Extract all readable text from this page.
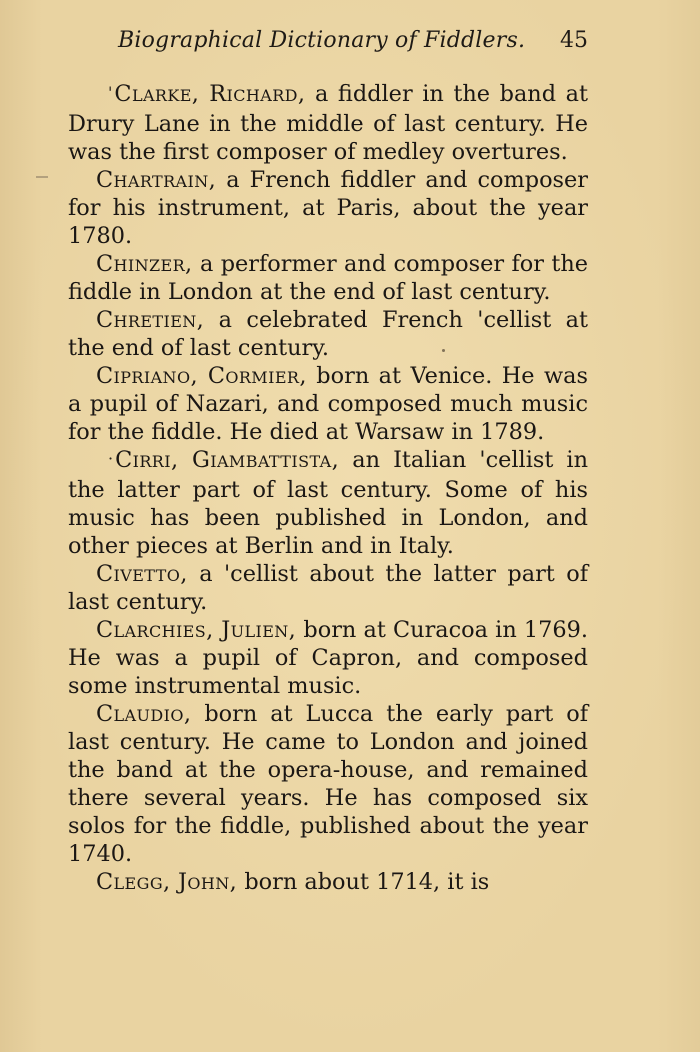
Biographical Dictionary of Fiddlers. 45

'Clarke, Richard, a fiddler in the band at Drury Lane in the middle of last century. He was the first composer of medley overtures.

Chartrain, a French fiddler and composer for his instrument, at Paris, about the year 1780.

Chinzer, a performer and composer for the fiddle in London at the end of last century.

Chretien, a celebrated French 'cellist at the end of last century.

Cipriano, Cormier, born at Venice. He was a pupil of Nazari, and composed much music for the fiddle. He died at Warsaw in 1789.

·Cirri, Giambattista, an Italian 'cellist in the latter part of last century. Some of his music has been published in London, and other pieces at Berlin and in Italy.

Civetto, a 'cellist about the latter part of last century.

Clarchies, Julien, born at Curacoa in 1769. He was a pupil of Capron, and composed some instrumental music.

Claudio, born at Lucca the early part of last century. He came to London and joined the band at the opera-house, and remained there several years. He has composed six solos for the fiddle, published about the year 1740.

Clegg, John, born about 1714, it is
